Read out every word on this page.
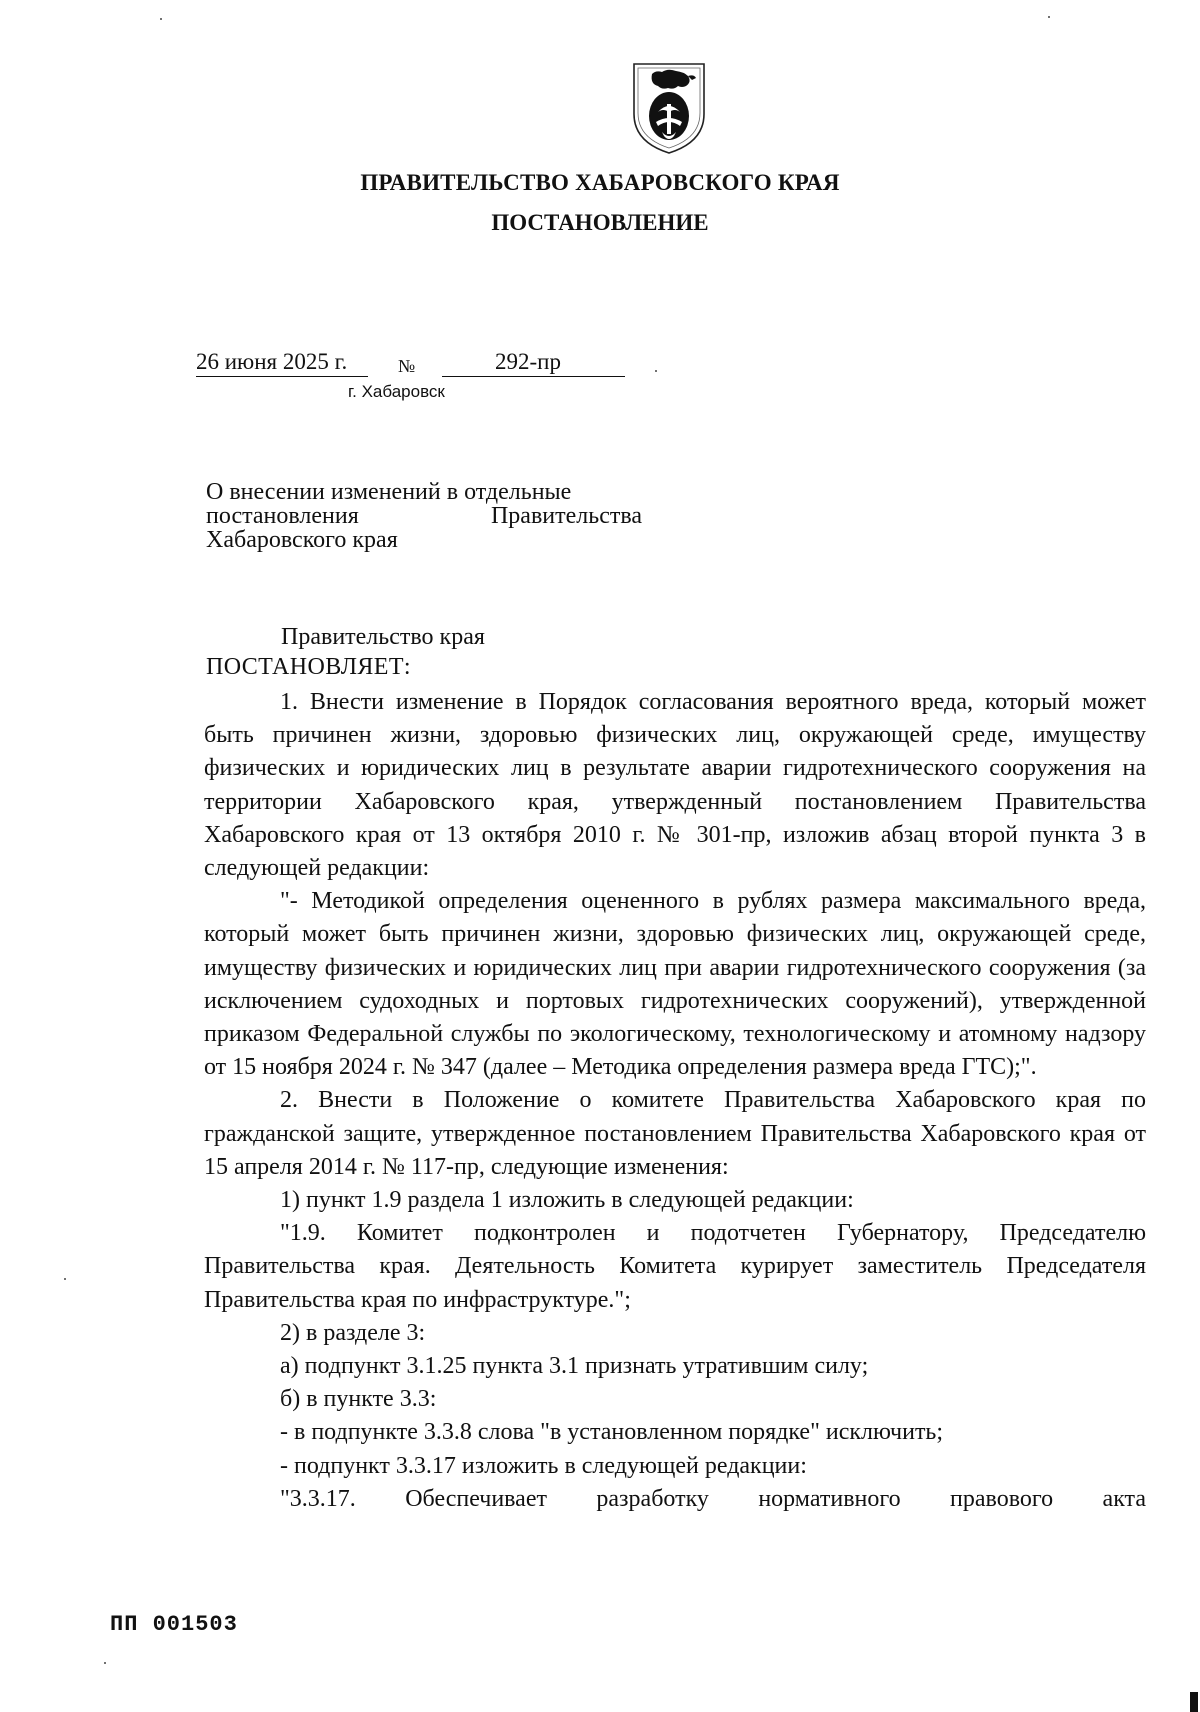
ПРАВИТЕЛЬСТВО ХАБАРОВСКОГО КРАЯ
ПОСТАНОВЛЕНИЕ
26 июня 2025 г.	№	292-пр
г. Хабаровск
О внесении изменений в отдельные
постановления	Правительства
Хабаровского края
Правительство края
ПОСТАНОВЛЯЕТ:
1. Внести изменение в Порядок согласования вероятного вреда, который может быть причинен жизни, здоровью физических лиц, окружающей среде, имуществу физических и юридических лиц в результате аварии гидротехнического сооружения на территории Хабаровского края, утвержденный постановлением Правительства Хабаровского края от 13 октября 2010 г. № 301-пр, изложив абзац второй пункта 3 в следующей редакции:
"- Методикой определения оцененного в рублях размера максимального вреда, который может быть причинен жизни, здоровью физических лиц, окружающей среде, имуществу физических и юридических лиц при аварии гидротехнического сооружения (за исключением судоходных и портовых гидротехнических сооружений), утвержденной приказом Федеральной службы по экологическому, технологическому и атомному надзору от 15 ноября 2024 г. № 347 (далее – Методика определения размера вреда ГТС);".
2. Внести в Положение о комитете Правительства Хабаровского края по гражданской защите, утвержденное постановлением Правительства Хабаровского края от 15 апреля 2014 г. № 117-пр, следующие изменения:
1) пункт 1.9 раздела 1 изложить в следующей редакции:
"1.9. Комитет подконтролен и подотчетен Губернатору, Председателю Правительства края. Деятельность Комитета курирует заместитель Председателя Правительства края по инфраструктуре.";
2) в разделе 3:
а) подпункт 3.1.25 пункта 3.1 признать утратившим силу;
б) в пункте 3.3:
- в подпункте 3.3.8 слова "в установленном порядке" исключить;
- подпункт 3.3.17 изложить в следующей редакции:
"3.3.17. Обеспечивает разработку нормативного правового акта
ПП 001503
